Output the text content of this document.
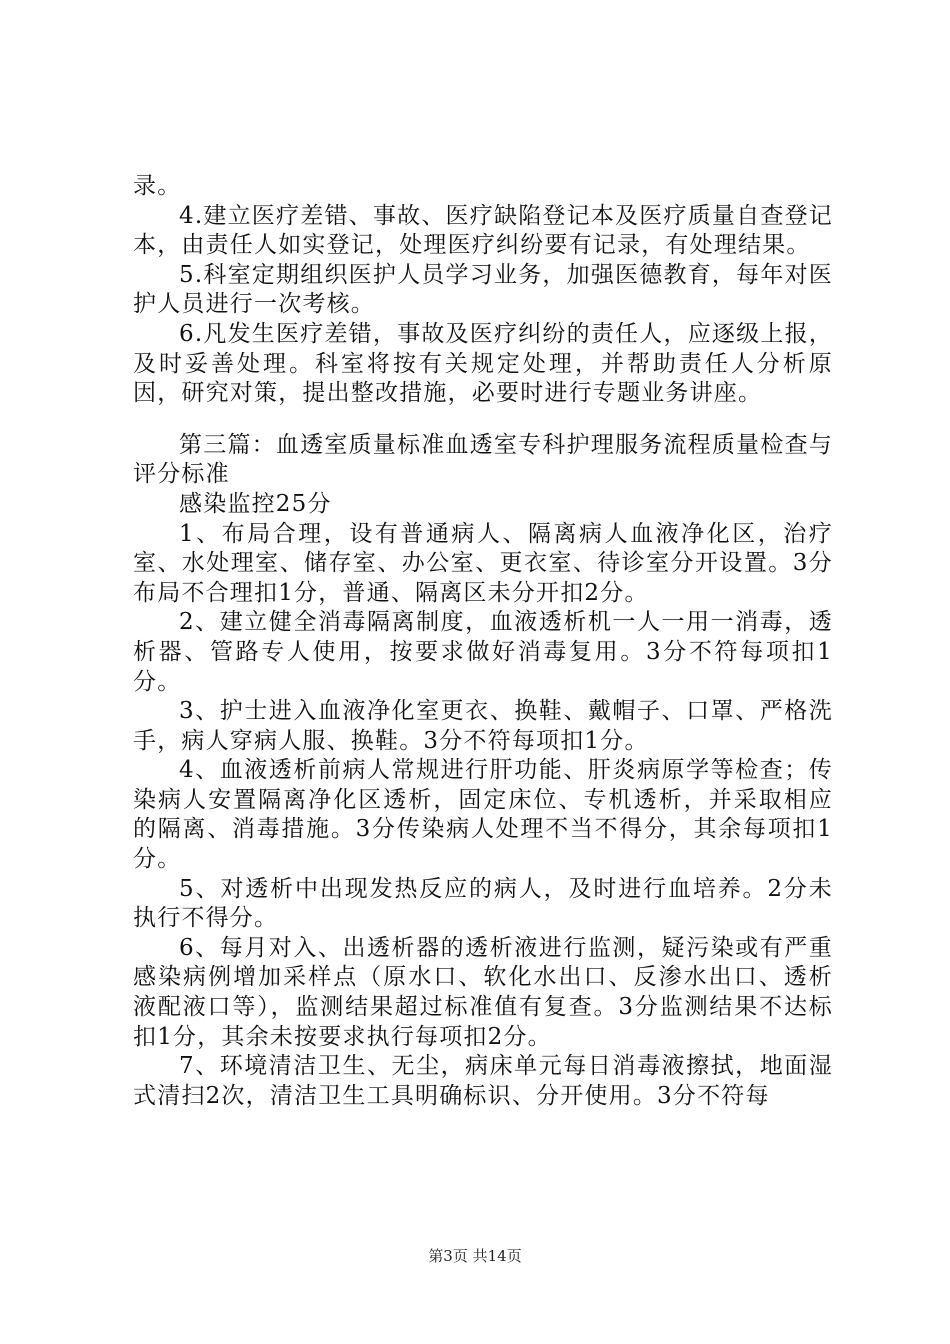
录。

4.建立医疗差错、事故、医疗缺陷登记本及医疗质量自查登记本，由责任人如实登记，处理医疗纠纷要有记录，有处理结果。

5.科室定期组织医护人员学习业务，加强医德教育，每年对医护人员进行一次考核。

6.凡发生医疗差错，事故及医疗纠纷的责任人，应逐级上报，及时妥善处理。科室将按有关规定处理，并帮助责任人分析原因，研究对策，提出整改措施，必要时进行专题业务讲座。

第三篇：血透室质量标准血透室专科护理服务流程质量检查与评分标准

感染监控25分

1、布局合理，设有普通病人、隔离病人血液净化区，治疗室、水处理室、储存室、办公室、更衣室、待诊室分开设置。3分布局不合理扣1分，普通、隔离区未分开扣2分。

2、建立健全消毒隔离制度，血液透析机一人一用一消毒，透析器、管路专人使用，按要求做好消毒复用。3分不符每项扣1分。

3、护士进入血液净化室更衣、换鞋、戴帽子、口罩、严格洗手，病人穿病人服、换鞋。3分不符每项扣1分。

4、血液透析前病人常规进行肝功能、肝炎病原学等检查；传染病人安置隔离净化区透析，固定床位、专机透析，并采取相应的隔离、消毒措施。3分传染病人处理不当不得分，其余每项扣1分。

5、对透析中出现发热反应的病人，及时进行血培养。2分未执行不得分。

6、每月对入、出透析器的透析液进行监测，疑污染或有严重感染病例增加采样点（原水口、软化水出口、反渗水出口、透析液配液口等），监测结果超过标准值有复查。3分监测结果不达标扣1分，其余未按要求执行每项扣2分。

7、环境清洁卫生、无尘，病床单元每日消毒液擦拭，地面湿式清扫2次，清洁卫生工具明确标识、分开使用。3分不符每

第3页 共14页
